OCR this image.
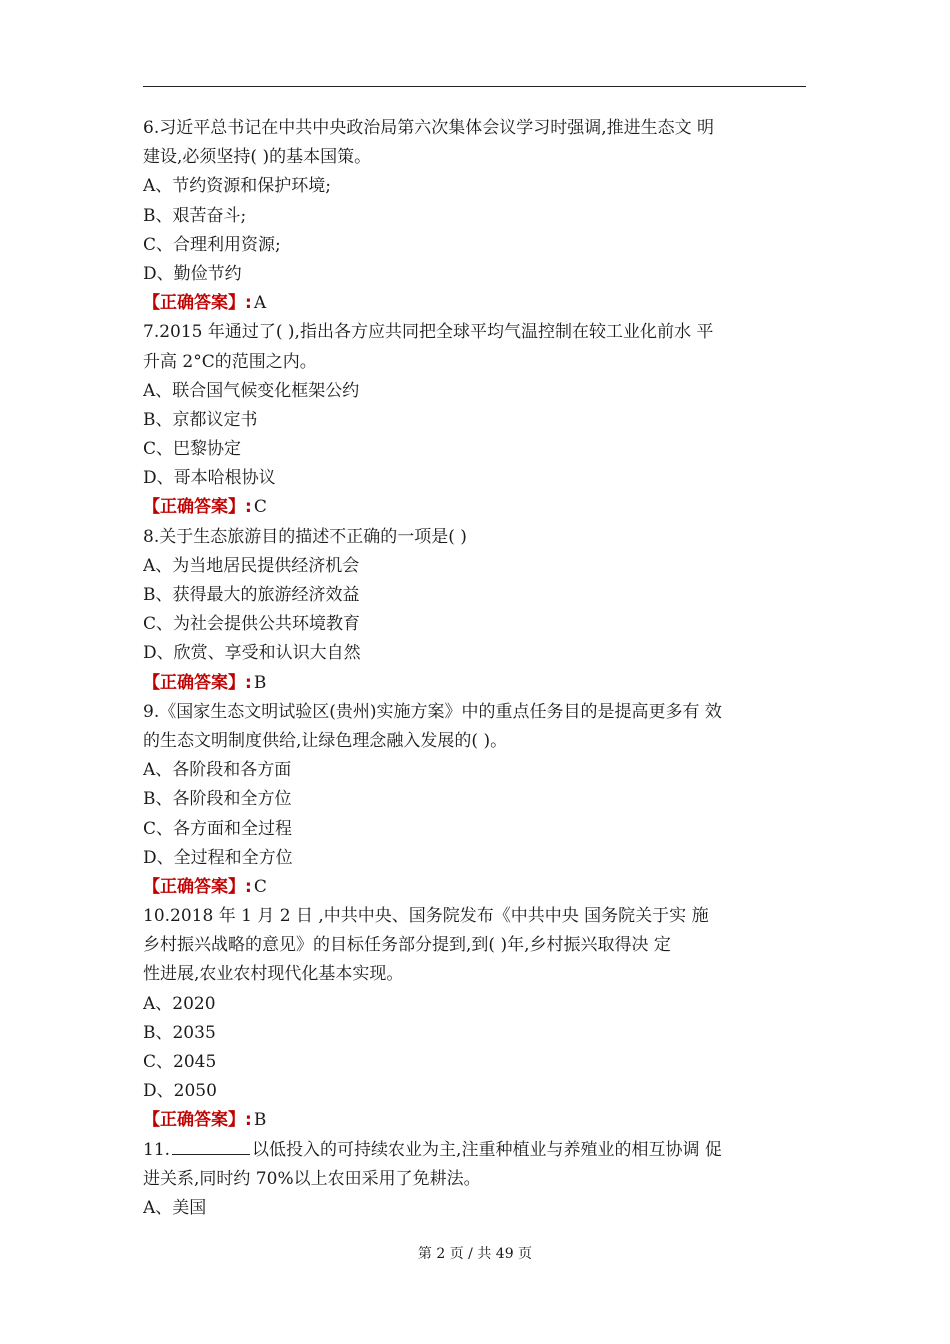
6.习近平总书记在中共中央政治局第六次集体会议学习时强调,推进生态文 明
建设,必须坚持( )的基本国策。
A、节约资源和保护环境;
B、艰苦奋斗;
C、合理利用资源;
D、勤俭节约
【正确答案】: A
7.2015 年通过了( ),指出各方应共同把全球平均气温控制在较工业化前水 平
升高 2°C的范围之内。
A、联合国气候变化框架公约
B、京都议定书
C、巴黎协定
D、哥本哈根协议
【正确答案】: C
8.关于生态旅游目的描述不正确的一项是( )
A、为当地居民提供经济机会
B、获得最大的旅游经济效益
C、为社会提供公共环境教育
D、欣赏、享受和认识大自然
【正确答案】: B
9.《国家生态文明试验区(贵州)实施方案》中的重点任务目的是提高更多有 效
的生态文明制度供给,让绿色理念融入发展的( )。
A、各阶段和各方面
B、各阶段和全方位
C、各方面和全过程
D、全过程和全方位
【正确答案】: C
10.2018 年 1 月 2 日 ,中共中央、国务院发布《中共中央 国务院关于实 施
乡村振兴战略的意见》的目标任务部分提到,到( )年,乡村振兴取得决 定
性进展,农业农村现代化基本实现。
A、2020
B、2035
C、2045
D、2050
【正确答案】: B
11.	以低投入的可持续农业为主,注重种植业与养殖业的相互协调 促
进关系,同时约 70%以上农田采用了免耕法。
A、美国
第 2 页 / 共 49 页
